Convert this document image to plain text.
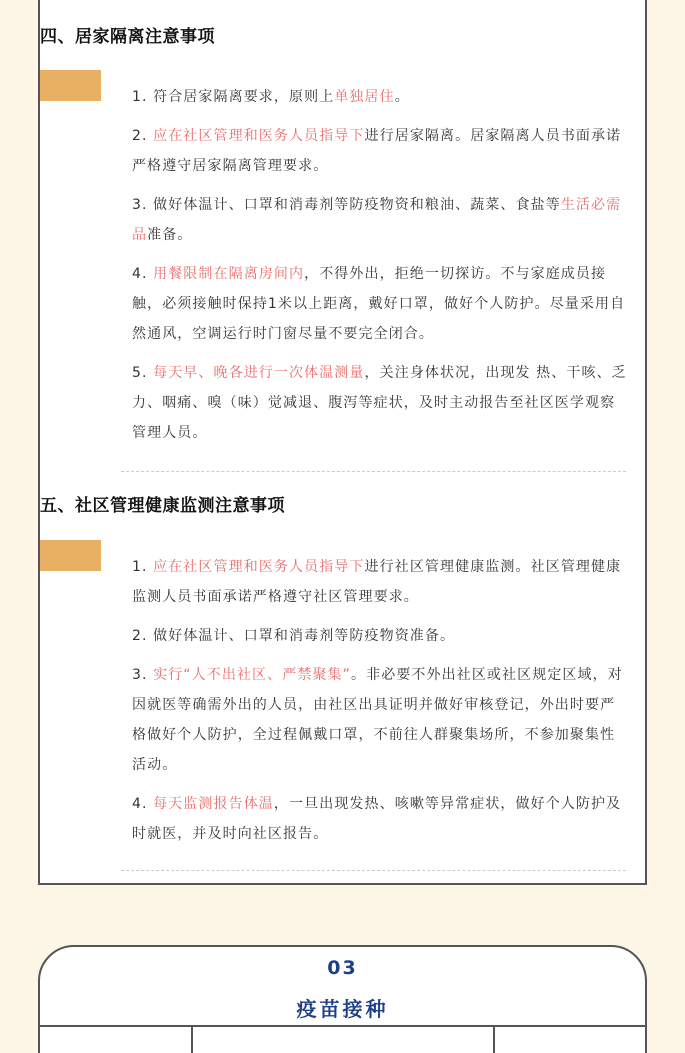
四、居家隔离注意事项

1. 符合居家隔离要求，原则上单独居住。

2. 应在社区管理和医务人员指导下进行居家隔离。居家隔离人员书面承诺严格遵守居家隔离管理要求。

3. 做好体温计、口罩和消毒剂等防疫物资和粮油、蔬菜、食盐等生活必需品准备。

4. 用餐限制在隔离房间内，不得外出，拒绝一切探访。不与家庭成员接触，必须接触时保持1米以上距离，戴好口罩，做好个人防护。尽量采用自然通风，空调运行时门窗尽量不要完全闭合。

5. 每天早、晚各进行一次体温测量，关注身体状况，出现发 热、干咳、乏力、咽痛、嗅（味）觉减退、腹泻等症状，及时主动报告至社区医学观察管理人员。

五、社区管理健康监测注意事项

1. 应在社区管理和医务人员指导下进行社区管理健康监测。社区管理健康监测人员书面承诺严格遵守社区管理要求。

2. 做好体温计、口罩和消毒剂等防疫物资准备。

3. 实行“人不出社区、严禁聚集”。非必要不外出社区或社区规定区域，对因就医等确需外出的人员，由社区出具证明并做好审核登记，外出时要严格做好个人防护，全过程佩戴口罩，不前往人群聚集场所，不参加聚集性活动。

4. 每天监测报告体温，一旦出现发热、咳嗽等异常症状，做好个人防护及时就医，并及时向社区报告。

03
疫苗接种
